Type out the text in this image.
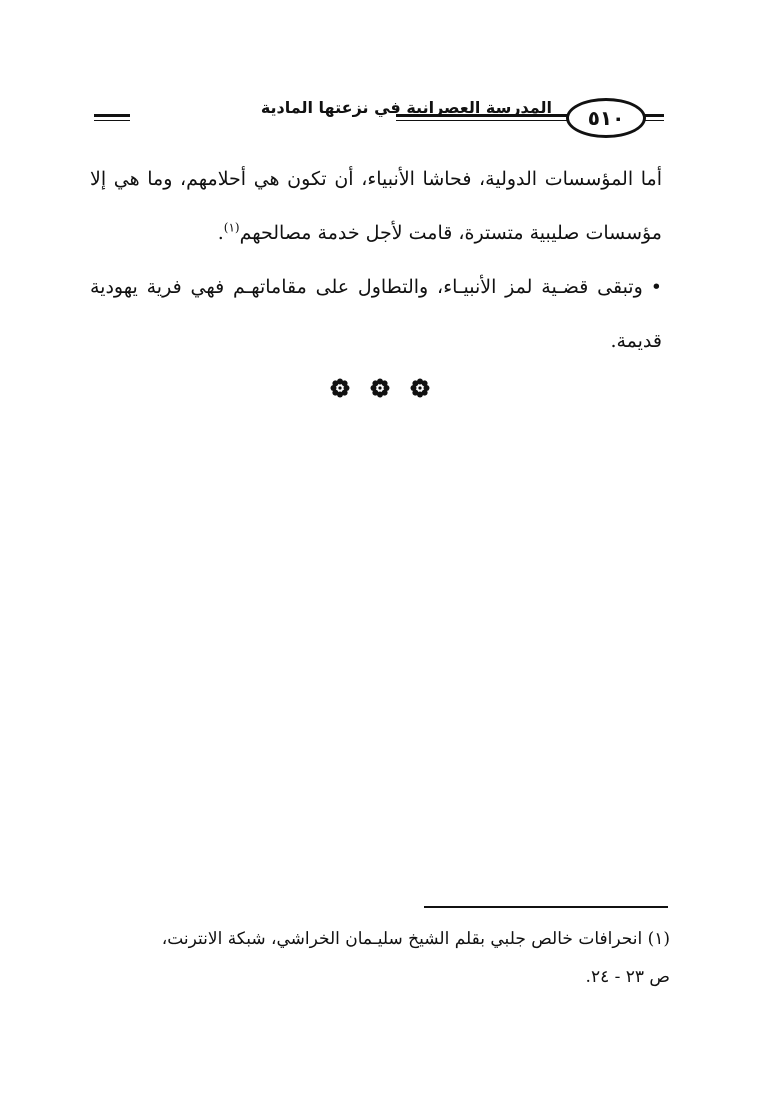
٥١٠
المدرسة العصرانية في نزعتها المادية
أما المؤسسات الدولية، فحاشا الأنبياء، أن تكون هي أحلامهم، وما هي إلا مؤسسات صليبية متسترة، قامت لأجل خدمة مصالحهم$^{(١)}$.
•وتبقى قضـية لمز الأنبيـاء، والتطاول على مقاماتهـم فهي فرية يهودية قديمة.
(١) انحرافات خالص جلبي بقلم الشيخ سليـمان الخراشي، شبكة الانترنت،
ص ٢٣ - ٢٤.
